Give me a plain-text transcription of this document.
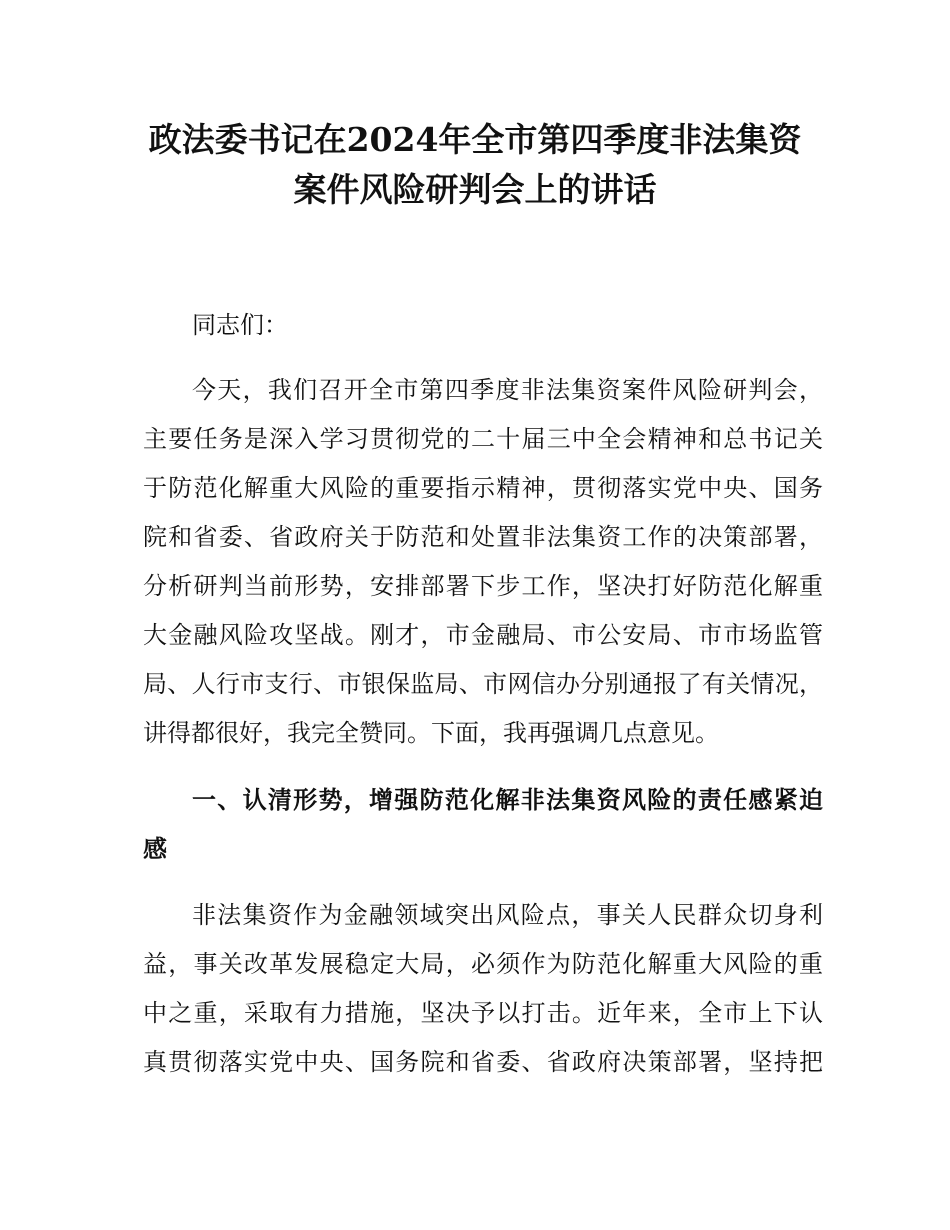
政法委书记在2024年全市第四季度非法集资
案件风险研判会上的讲话

同志们：

今天，我们召开全市第四季度非法集资案件风险研判会，

主要任务是深入学习贯彻党的二十届三中全会精神和总书记关

于防范化解重大风险的重要指示精神，贯彻落实党中央、国务

院和省委、省政府关于防范和处置非法集资工作的决策部署，

分析研判当前形势，安排部署下步工作，坚决打好防范化解重

大金融风险攻坚战。刚才，市金融局、市公安局、市市场监管

局、人行市支行、市银保监局、市网信办分别通报了有关情况，

讲得都很好，我完全赞同。下面，我再强调几点意见。

一、认清形势，增强防范化解非法集资风险的责任感紧迫

感

非法集资作为金融领域突出风险点，事关人民群众切身利

益，事关改革发展稳定大局，必须作为防范化解重大风险的重

中之重，采取有力措施，坚决予以打击。近年来，全市上下认

真贯彻落实党中央、国务院和省委、省政府决策部署，坚持把
